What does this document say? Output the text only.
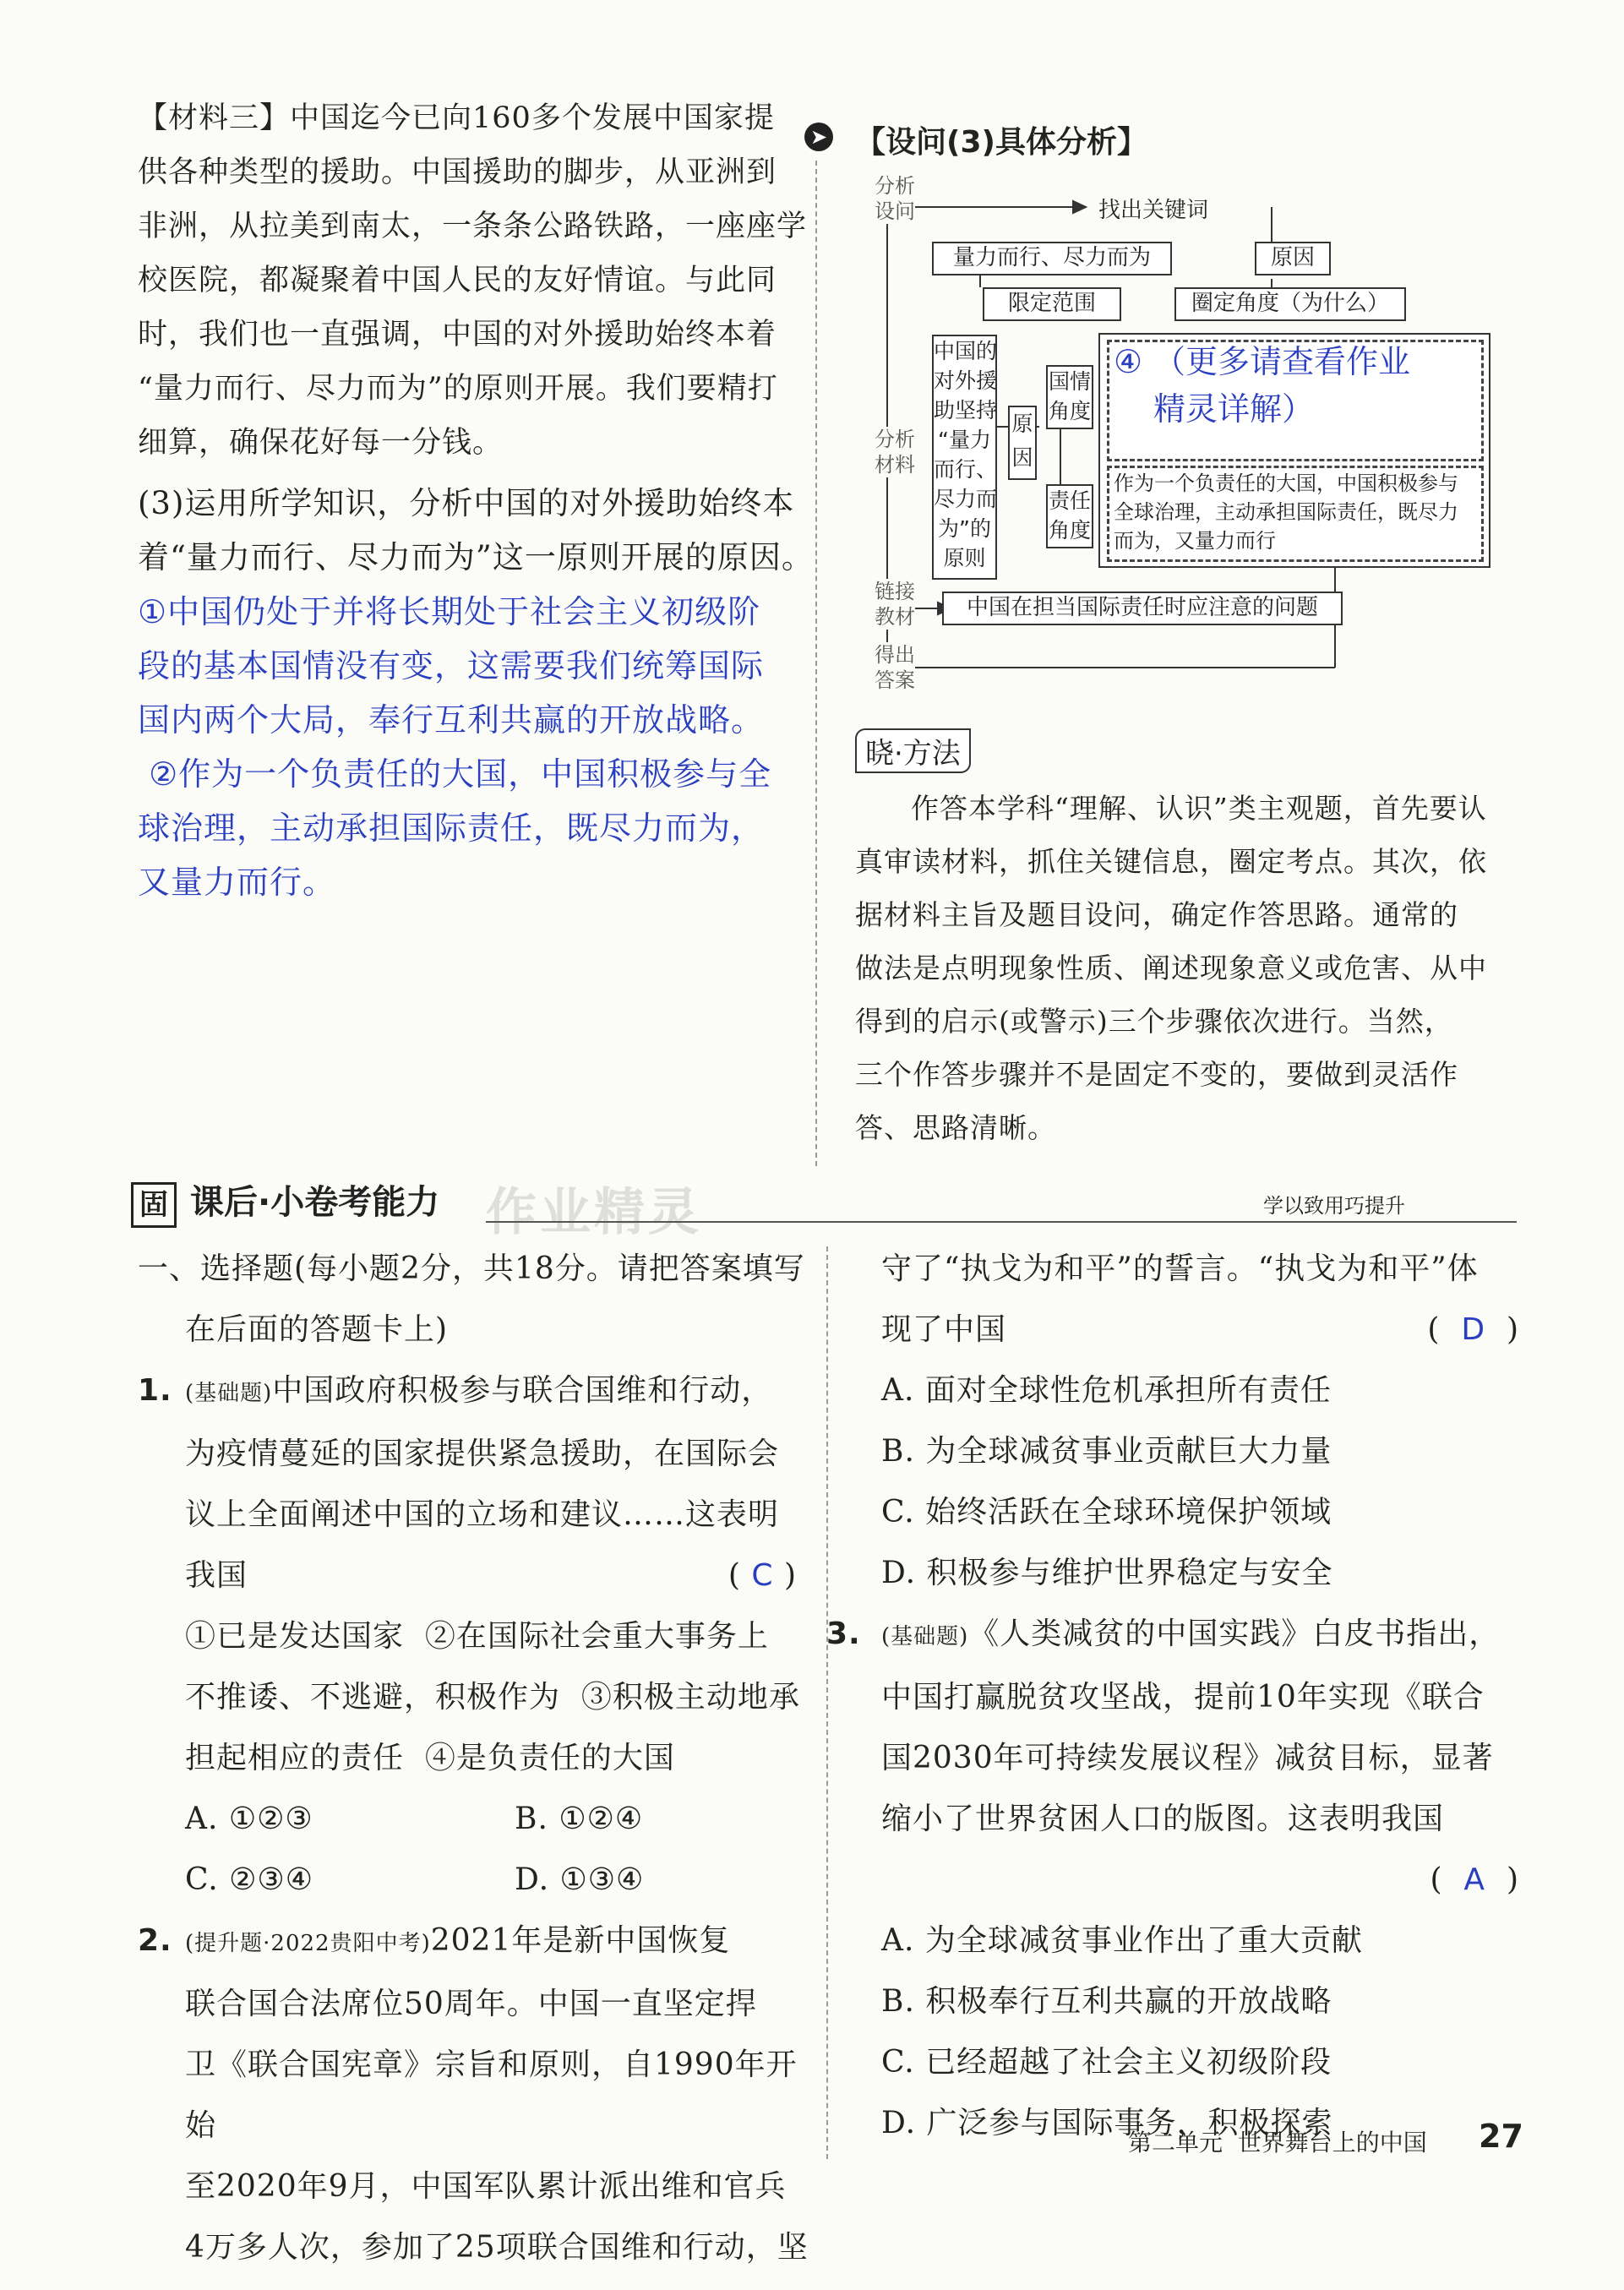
【材料三】中国迄今已向160多个发展中国家提
供各种类型的援助。中国援助的脚步，从亚洲到
非洲，从拉美到南太，一条条公路铁路，一座座学
校医院，都凝聚着中国人民的友好情谊。与此同
时，我们也一直强调，中国的对外援助始终本着
“量力而行、尽力而为”的原则开展。我们要精打
细算，确保花好每一分钱。
(3)运用所学知识，分析中国的对外援助始终本
着“量力而行、尽力而为”这一原则开展的原因。
①中国仍处于并将长期处于社会主义初级阶
段的基本国情没有变，这需要我们统筹国际
国内两个大局，奉行互利共赢的开放战略。
②作为一个负责任的大国，中国积极参与全
球治理，主动承担国际责任，既尽力而为，
又量力而行。
➤ 【设问(3)具体分析】
分析
设问
分析
材料
链接
教材
得出
答案
找出关键词
量力而行、尽力而为	原因
限定范围	圈定角度（为什么）
中国的
对外援
助坚持
“量力
而行、
尽力而
为”的
原则
原
因
国情
角度
责任
角度
④ （更多请查看作业
精灵详解）
作为一个负责任的大国，中国积极参与全球治理，主动承担国际责任，既尽力而为，又量力而行
中国在担当国际责任时应注意的问题
晓·方法
作答本学科“理解、认识”类主观题，首先要认
真审读材料，抓住关键信息，圈定考点。其次，依
据材料主旨及题目设问，确定作答思路。通常的
做法是点明现象性质、阐述现象意义或危害、从中
得到的启示(或警示)三个步骤依次进行。当然，
三个作答步骤并不是固定不变的，要做到灵活作
答、思路清晰。
固 课后·小卷考能力 作业精灵	学以致用巧提升
一、选择题(每小题2分，共18分。请把答案填写
在后面的答题卡上)
1. (基础题)中国政府积极参与联合国维和行动，
为疫情蔓延的国家提供紧急援助，在国际会
议上全面阐述中国的立场和建议……这表明
我国	( C )
①已是发达国家  ②在国际社会重大事务上
不推诿、不逃避，积极作为  ③积极主动地承
担起相应的责任  ④是负责任的大国
A. ①②③	B. ①②④
C. ②③④	D. ①③④
2. (提升题·2022贵阳中考)2021年是新中国恢复
联合国合法席位50周年。中国一直坚定捍
卫《联合国宪章》宗旨和原则，自1990年开始
至2020年9月，中国军队累计派出维和官兵
4万多人次，参加了25项联合国维和行动，坚
守了“执戈为和平”的誓言。“执戈为和平”体
现了中国	(  D  )
A. 面对全球性危机承担所有责任
B. 为全球减贫事业贡献巨大力量
C. 始终活跃在全球环境保护领域
D. 积极参与维护世界稳定与安全
3. (基础题)《人类减贫的中国实践》白皮书指出，
中国打赢脱贫攻坚战，提前10年实现《联合
国2030年可持续发展议程》减贫目标，显著
缩小了世界贫困人口的版图。这表明我国
(  A  )
A. 为全球减贫事业作出了重大贡献
B. 积极奉行互利共赢的开放战略
C. 已经超越了社会主义初级阶段
D. 广泛参与国际事务，积极探索
第二单元  世界舞台上的中国 27
